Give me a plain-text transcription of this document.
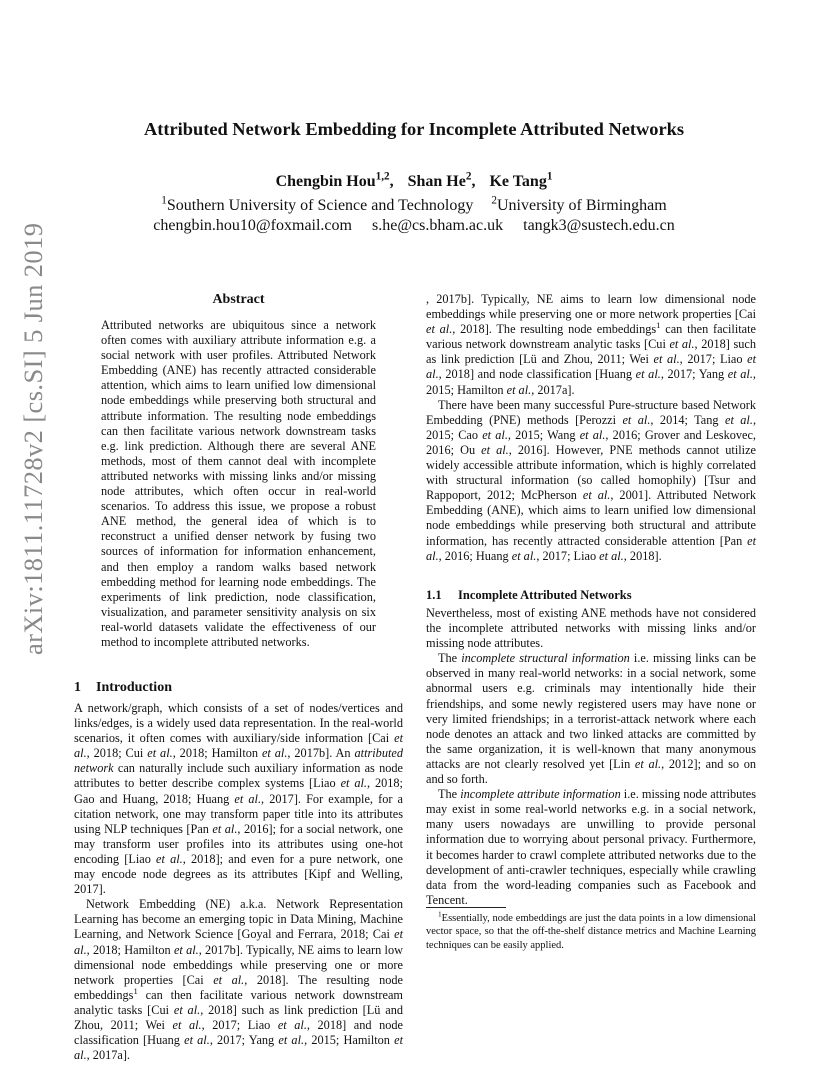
Attributed Network Embedding for Incomplete Attributed Networks
Chengbin Hou$^{1,2}$,  Shan He$^2$,  Ke Tang$^1$
$^1$Southern University of Science and Technology $^2$University of Birmingham
chengbin.hou10@foxmail.com s.he@cs.bham.ac.uk tangk3@sustech.edu.cn
arXiv:1811.11728v2 [cs.SI] 5 Jun 2019	Abstract
Attributed networks are ubiquitous since a network often comes with auxiliary attribute information e.g. a social network with user profiles. Attributed Network Embedding (ANE) has recently attracted considerable attention, which aims to learn unified low dimensional node embeddings while preserving both structural and attribute information. The resulting node embeddings can then facilitate various network downstream tasks e.g. link prediction. Although there are several ANE methods, most of them cannot deal with incomplete attributed networks with missing links and/or missing node attributes, which often occur in real-world scenarios. To address this issue, we propose a robust ANE method, the general idea of which is to reconstruct a unified denser network by fusing two sources of information for information enhancement, and then employ a random walks based network embedding method for learning node embeddings. The experiments of link prediction, node classification, visualization, and parameter sensitivity analysis on six real-world datasets validate the effectiveness of our method to incomplete attributed networks.
1 Introduction

A network/graph, which consists of a set of nodes/vertices and links/edges, is a widely used data representation. In the real-world scenarios, it often comes with auxiliary/side information [Cai et al., 2018; Cui et al., 2018; Hamilton et al., 2017b]. An attributed network can naturally include such auxiliary information as node attributes to better describe complex systems [Liao et al., 2018; Gao and Huang, 2018; Huang et al., 2017]. For example, for a citation network, one may transform paper title into its attributes using NLP techniques [Pan et al., 2016]; for a social network, one may transform user profiles into its attributes using one-hot encoding [Liao et al., 2018]; and even for a pure network, one may encode node degrees as its attributes [Kipf and Welling, 2017].

Network Embedding (NE) a.k.a. Network Representation Learning has become an emerging topic in Data Mining, Machine Learning, and Network Science [Goyal and Ferrara, 2018; Cai et al., 2018; Hamilton et al., 2017b]. Typically, NE aims to learn low dimensional node embeddings while preserving one or more network properties [Cai et al., 2018]. The resulting node embeddings$^1$ can then facilitate various network downstream analytic tasks [Cui et al., 2018] such as link prediction [Lü and Zhou, 2011; Wei et al., 2017; Liao et al., 2018] and node classification [Huang et al., 2017; Yang et al., 2015; Hamilton et al., 2017a].

, 2017b]. Typically, NE aims to learn low dimensional node embeddings while preserving one or more network properties [Cai et al., 2018]. The resulting node embeddings$^1$ can then facilitate various network downstream analytic tasks [Cui et al., 2018] such as link prediction [Lü and Zhou, 2011; Wei et al., 2017; Liao et al., 2018] and node classification [Huang et al., 2017; Yang et al., 2015; Hamilton et al., 2017a].

There have been many successful Pure-structure based Network Embedding (PNE) methods [Perozzi et al., 2014; Tang et al., 2015; Cao et al., 2015; Wang et al., 2016; Grover and Leskovec, 2016; Ou et al., 2016]. However, PNE methods cannot utilize widely accessible attribute information, which is highly correlated with structural information (so called homophily) [Tsur and Rappoport, 2012; McPherson et al., 2001]. Attributed Network Embedding (ANE), which aims to learn unified low dimensional node embeddings while preserving both structural and attribute information, has recently attracted considerable attention [Pan et al., 2016; Huang et al., 2017; Liao et al., 2018].

1.1 Incomplete Attributed Networks

Nevertheless, most of existing ANE methods have not considered the incomplete attributed networks with missing links and/or missing node attributes.

The incomplete structural information i.e. missing links can be observed in many real-world networks: in a social network, some abnormal users e.g. criminals may intentionally hide their friendships, and some newly registered users may have none or very limited friendships; in a terrorist-attack network where each node denotes an attack and two linked attacks are committed by the same organization, it is well-known that many anonymous attacks are not clearly resolved yet [Lin et al., 2012]; and so on and so forth.

The incomplete attribute information i.e. missing node attributes may exist in some real-world networks e.g. in a social network, many users nowadays are unwilling to provide personal information due to worrying about personal privacy. Furthermore, it becomes harder to crawl complete attributed networks due to the development of anti-crawler techniques, especially while crawling data from the word-leading companies such as Facebook and Tencent.

$^1$Essentially, node embeddings are just the data points in a low dimensional vector space, so that the off-the-shelf distance metrics and Machine Learning techniques can be easily applied.
